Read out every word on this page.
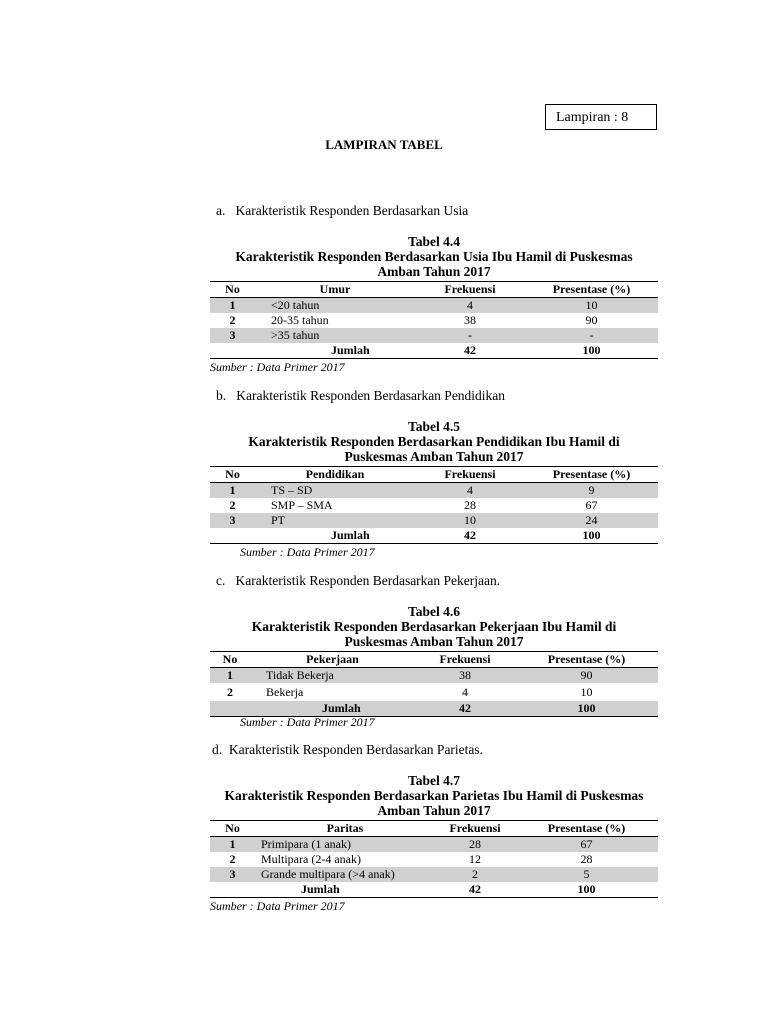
Lampiran : 8
LAMPIRAN TABEL
a.   Karakteristik Responden Berdasarkan Usia
Tabel 4.4
Karakteristik Responden Berdasarkan Usia Ibu Hamil di Puskesmas
Amban Tahun 2017
No	Umur	Frekuensi	Presentase (%)
1	<20 tahun	4	10
2	20-35 tahun	38	90
3	>35 tahun	-	-
	Jumlah	42	100
Sumber : Data Primer 2017
b.   Karakteristik Responden Berdasarkan Pendidikan
Tabel 4.5
Karakteristik Responden Berdasarkan Pendidikan Ibu Hamil di
Puskesmas Amban Tahun 2017
No	Pendidikan	Frekuensi	Presentase (%)
1	TS – SD	4	9
2	SMP – SMA	28	67
3	PT	10	24
	Jumlah	42	100
Sumber : Data Primer 2017
c.   Karakteristik Responden Berdasarkan Pekerjaan.
Tabel 4.6
Karakteristik Responden Berdasarkan Pekerjaan Ibu Hamil di
Puskesmas Amban Tahun 2017
No	Pekerjaan	Frekuensi	Presentase (%)
1	Tidak Bekerja	38	90
2	Bekerja	4	10
	Jumlah	42	100
Sumber : Data Primer 2017
d.  Karakteristik Responden Berdasarkan Parietas.
Tabel 4.7
Karakteristik Responden Berdasarkan Parietas Ibu Hamil di Puskesmas
Amban Tahun 2017
No	Paritas	Frekuensi	Presentase (%)
1	Primipara (1 anak)	28	67
2	Multipara (2-4 anak)	12	28
3	Grande multipara (>4 anak)	2	5
	Jumlah	42	100
Sumber : Data Primer 2017
